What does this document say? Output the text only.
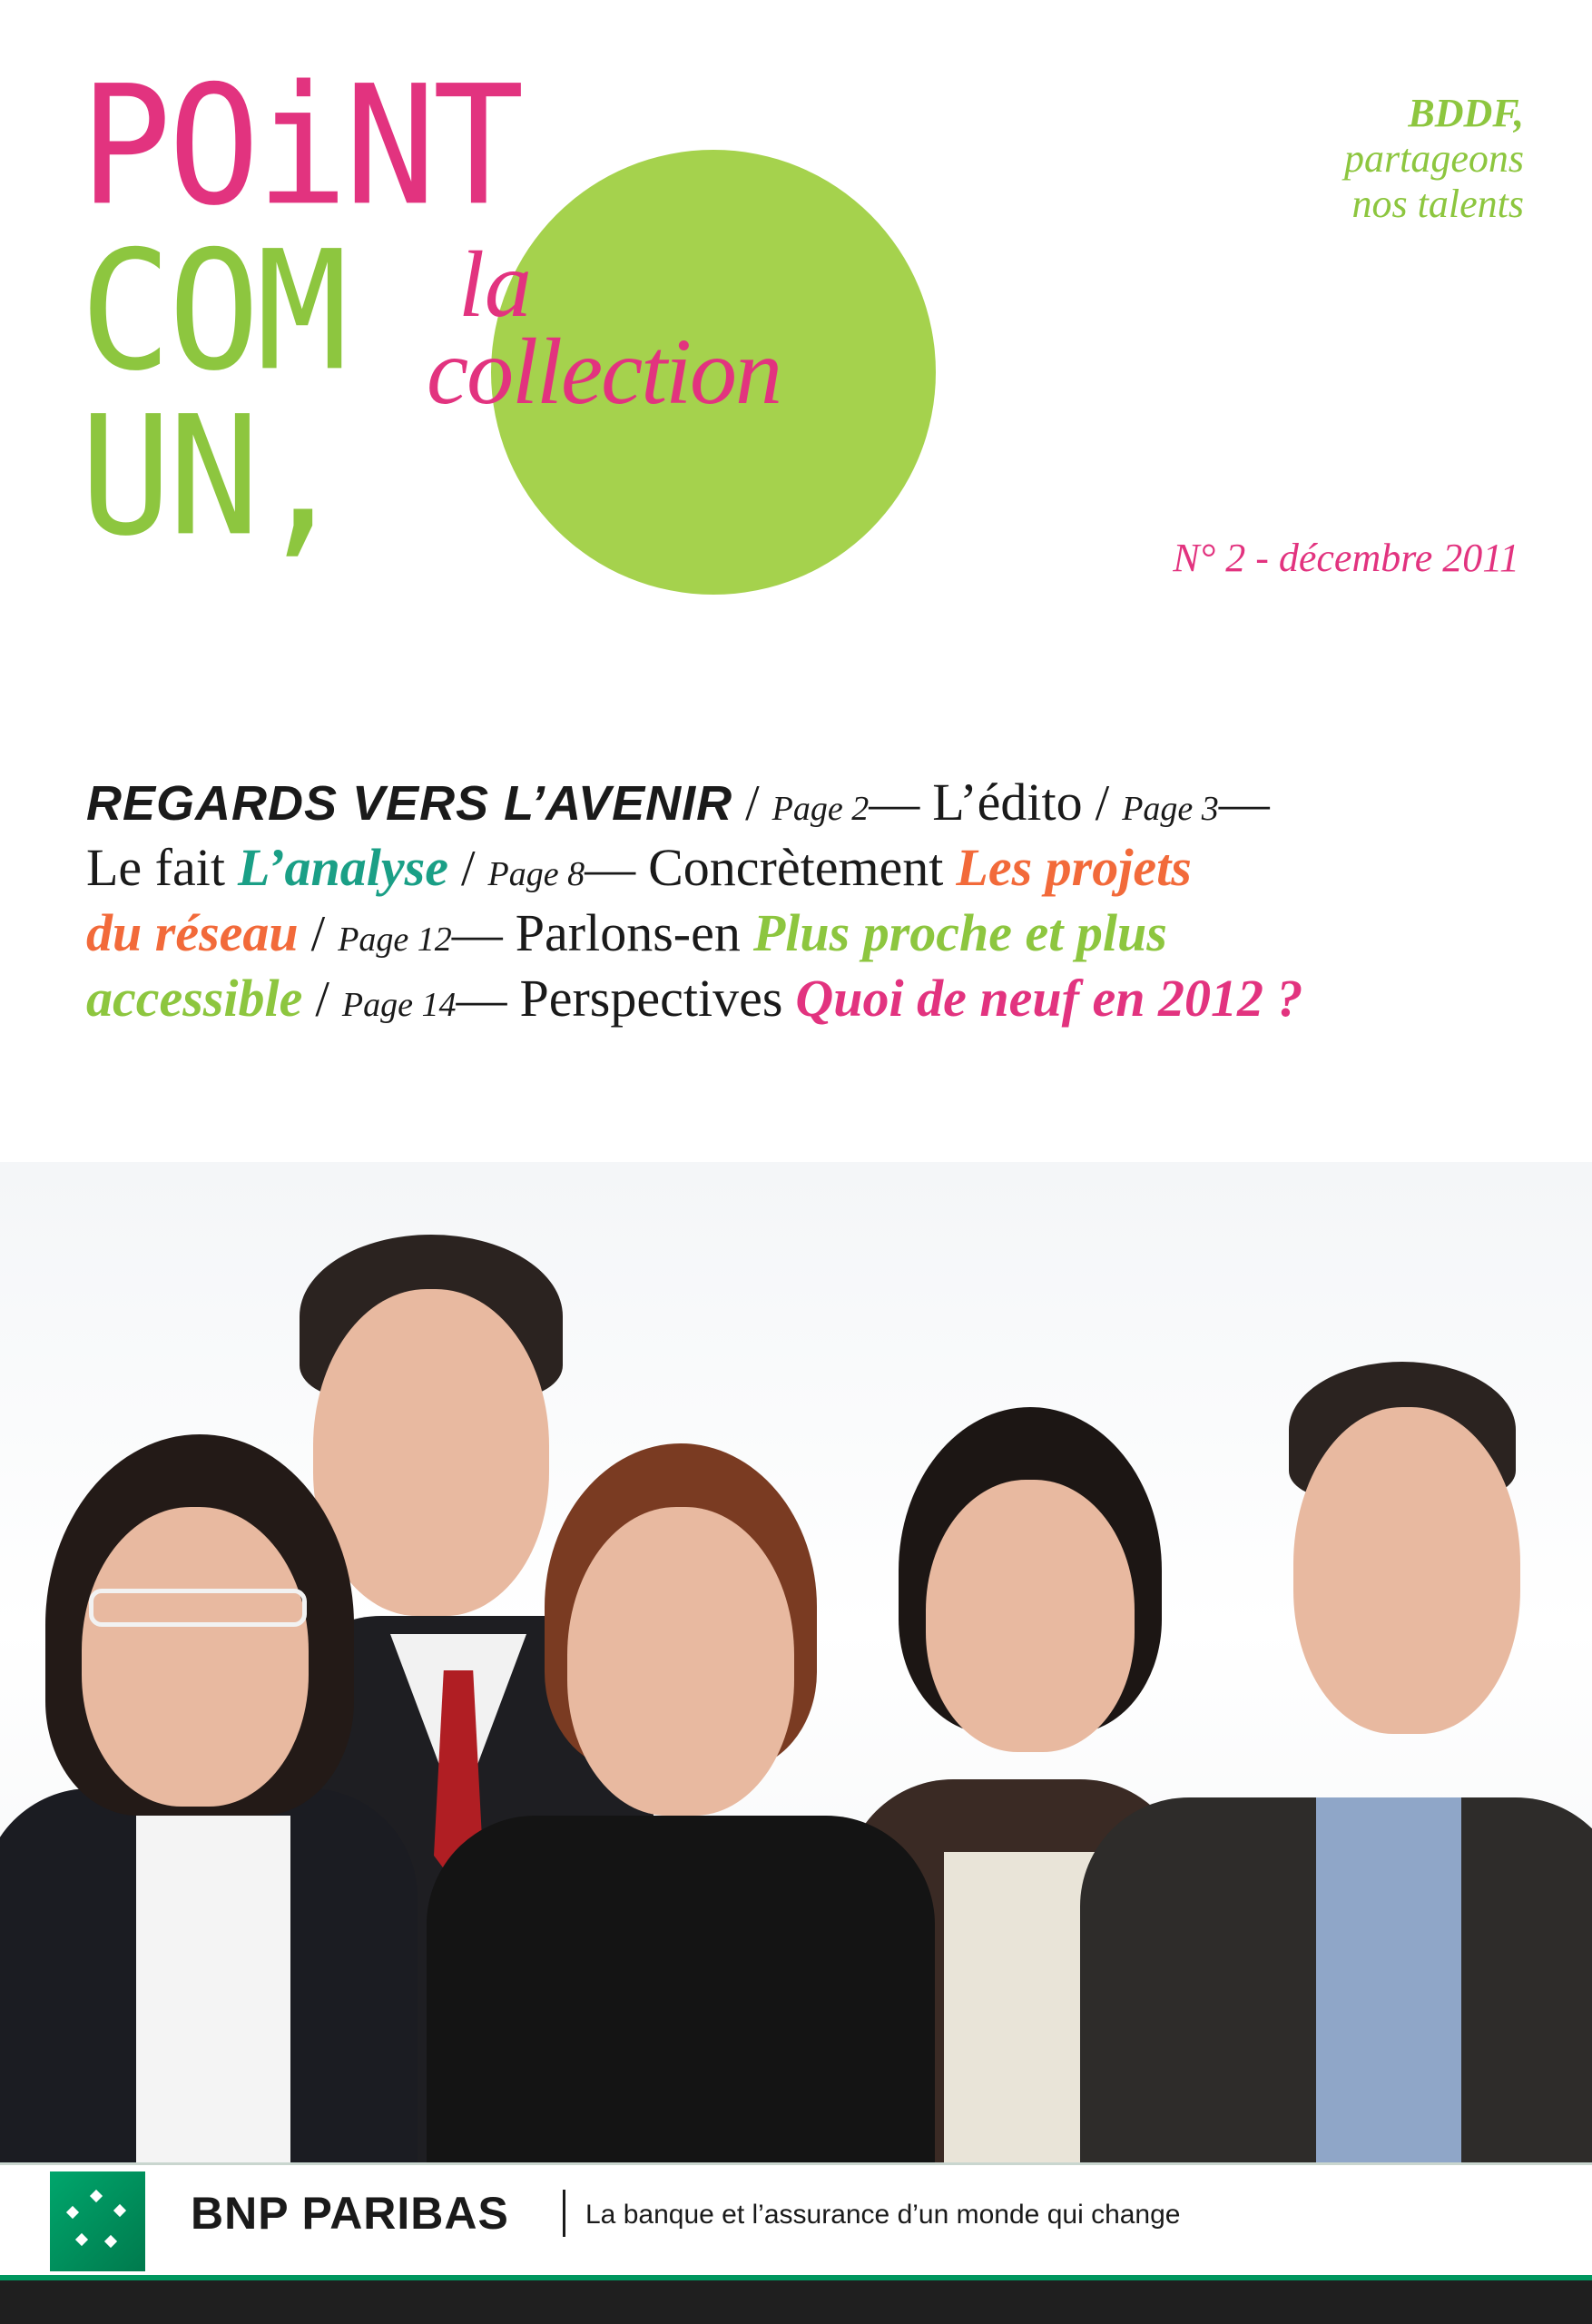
POiNT
COM
UN,
la
collection
BDDF,
partageons
nos talents
N° 2 - décembre 2011
REGARDS VERS L’AVENIR / Page 2— L’édito / Page 3—
Le fait L’analyse / Page 8— Concrètement Les projets
du réseau / Page 12— Parlons-en Plus proche et plus
accessible / Page 14— Perspectives Quoi de neuf en 2012 ?
BNP PARIBAS	La banque et l’assurance d’un monde qui change
